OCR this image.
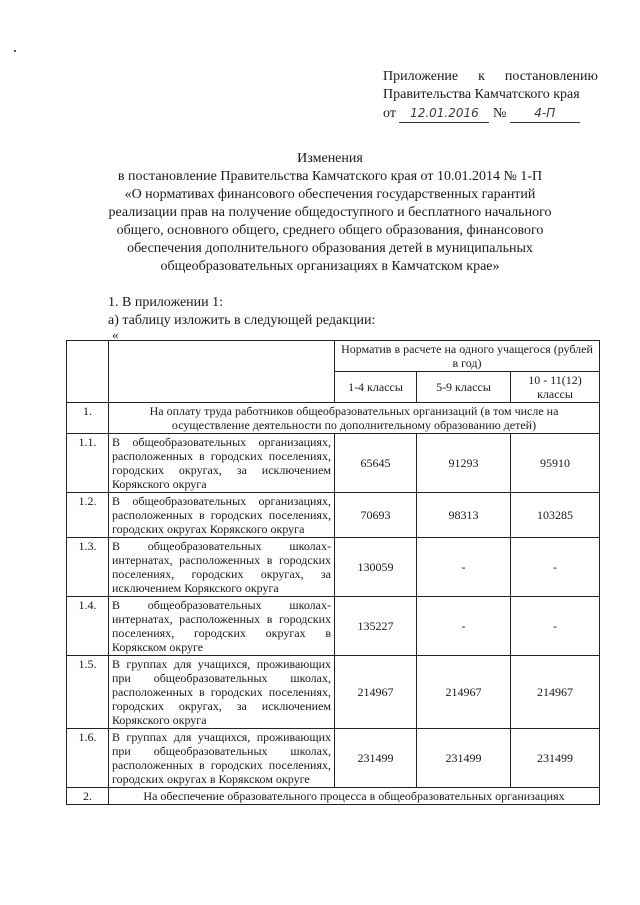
Приложение к постановлению
Правительства Камчатского края
от 12.01.2016 № 4-П
Изменения
в постановление Правительства Камчатского края от 10.01.2014 № 1-П
«О нормативах финансового обеспечения государственных гарантий
реализации прав на получение общедоступного и бесплатного начального
общего, основного общего, среднего общего образования, финансового
обеспечения дополнительного образования детей в муниципальных
общеобразовательных организациях в Камчатском крае»
1. В приложении 1:
а) таблицу изложить в следующей редакции:
«
		Норматив в расчете на одного учащегося (рублей в год)		
		1-4 классы	5-9 классы	10 - 11(12) классы
1.	На оплату труда работников общеобразовательных организаций (в том числе на осуществление деятельности по дополнительному образованию детей)			
1.1.	В общеобразовательных организациях, расположенных в городских поселениях, городских округах, за исключением Корякского округа	65645	91293	95910
1.2.	В общеобразовательных организациях, расположенных в городских поселениях, городских округах Корякского округа	70693	98313	103285
1.3.	В общеобразовательных школах-интернатах, расположенных в городских поселениях, городских округах, за исключением Корякского округа	130059	-	-
1.4.	В общеобразовательных школах-интернатах, расположенных в городских поселениях, городских округах в Корякском округе	135227	-	-
1.5.	В группах для учащихся, проживающих при общеобразовательных школах, расположенных в городских поселениях, городских округах, за исключением Корякского округа	214967	214967	214967
1.6.	В группах для учащихся, проживающих при общеобразовательных школах, расположенных в городских поселениях, городских округах в Корякском округе	231499	231499	231499
2.	На обеспечение образовательного процесса в общеобразовательных организациях			
